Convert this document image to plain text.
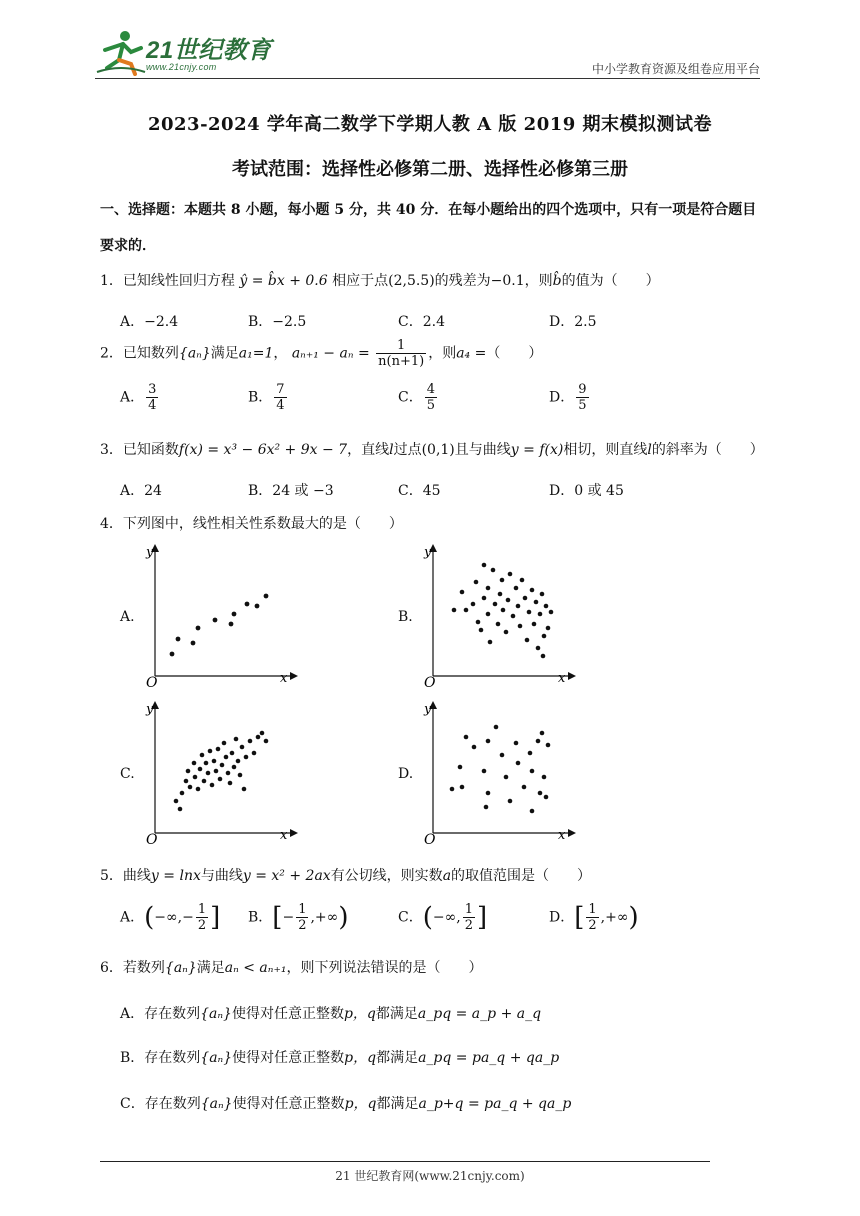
21世纪教育
www.21cnjy.com	中小学教育资源及组卷应用平台
2023-2024 学年高二数学下学期人教 A 版 2019 期末模拟测试卷
考试范围：选择性必修第二册、选择性必修第三册
一、选择题：本题共 8 小题，每小题 5 分，共 40 分．在每小题给出的四个选项中，只有一项是符合题目要求的．
1．已知线性回归方程 ŷ = b̂x + 0.6 相应于点(2,5.5)的残差为−0.1，则b̂的值为（　　）
A．−2.4	B．−2.5	C．2.4	D．2.5
2．已知数列{aₙ}满足a₁=1， $a_{n+1} - a_n = \frac{1}{n(n+1)}$ ，则a₄ =（　　）
A． $\frac{3}{4}$	B． $\frac{7}{4}$	C． $\frac{4}{5}$	D． $\frac{9}{5}$
3．已知函数f(x) = x³ − 6x² + 9x − 7，直线l过点(0,1)且与曲线y = f(x)相切，则直线l的斜率为（　　）
A．24	B．24 或 −3	C．45	D．0 或 45
4．下列图中，线性相关性系数最大的是（　　）
A.
y
x
O
B.
y
x
O
C.
y
x
O
D.
y
x
O
5．曲线y = lnx与曲线y = x² + 2ax有公切线，则实数a的取值范围是（　　）
A．(−∞,− $\frac{1}{2}$ ] B．[− $\frac{1}{2}$ ,+∞)	C．(−∞, $\frac{1}{2}$ ]	D．[ $\frac{1}{2}$ ,+∞)
6．若数列{aₙ}满足aₙ < aₙ₊₁，则下列说法错误的是（　　）
A．存在数列{aₙ}使得对任意正整数p，q都满足a_pq = a_p + a_q
B．存在数列{aₙ}使得对任意正整数p，q都满足a_pq = pa_q + qa_p
C．存在数列{aₙ}使得对任意正整数p，q都满足a_p+q = pa_q + qa_p
21 世纪教育网(www.21cnjy.com)
